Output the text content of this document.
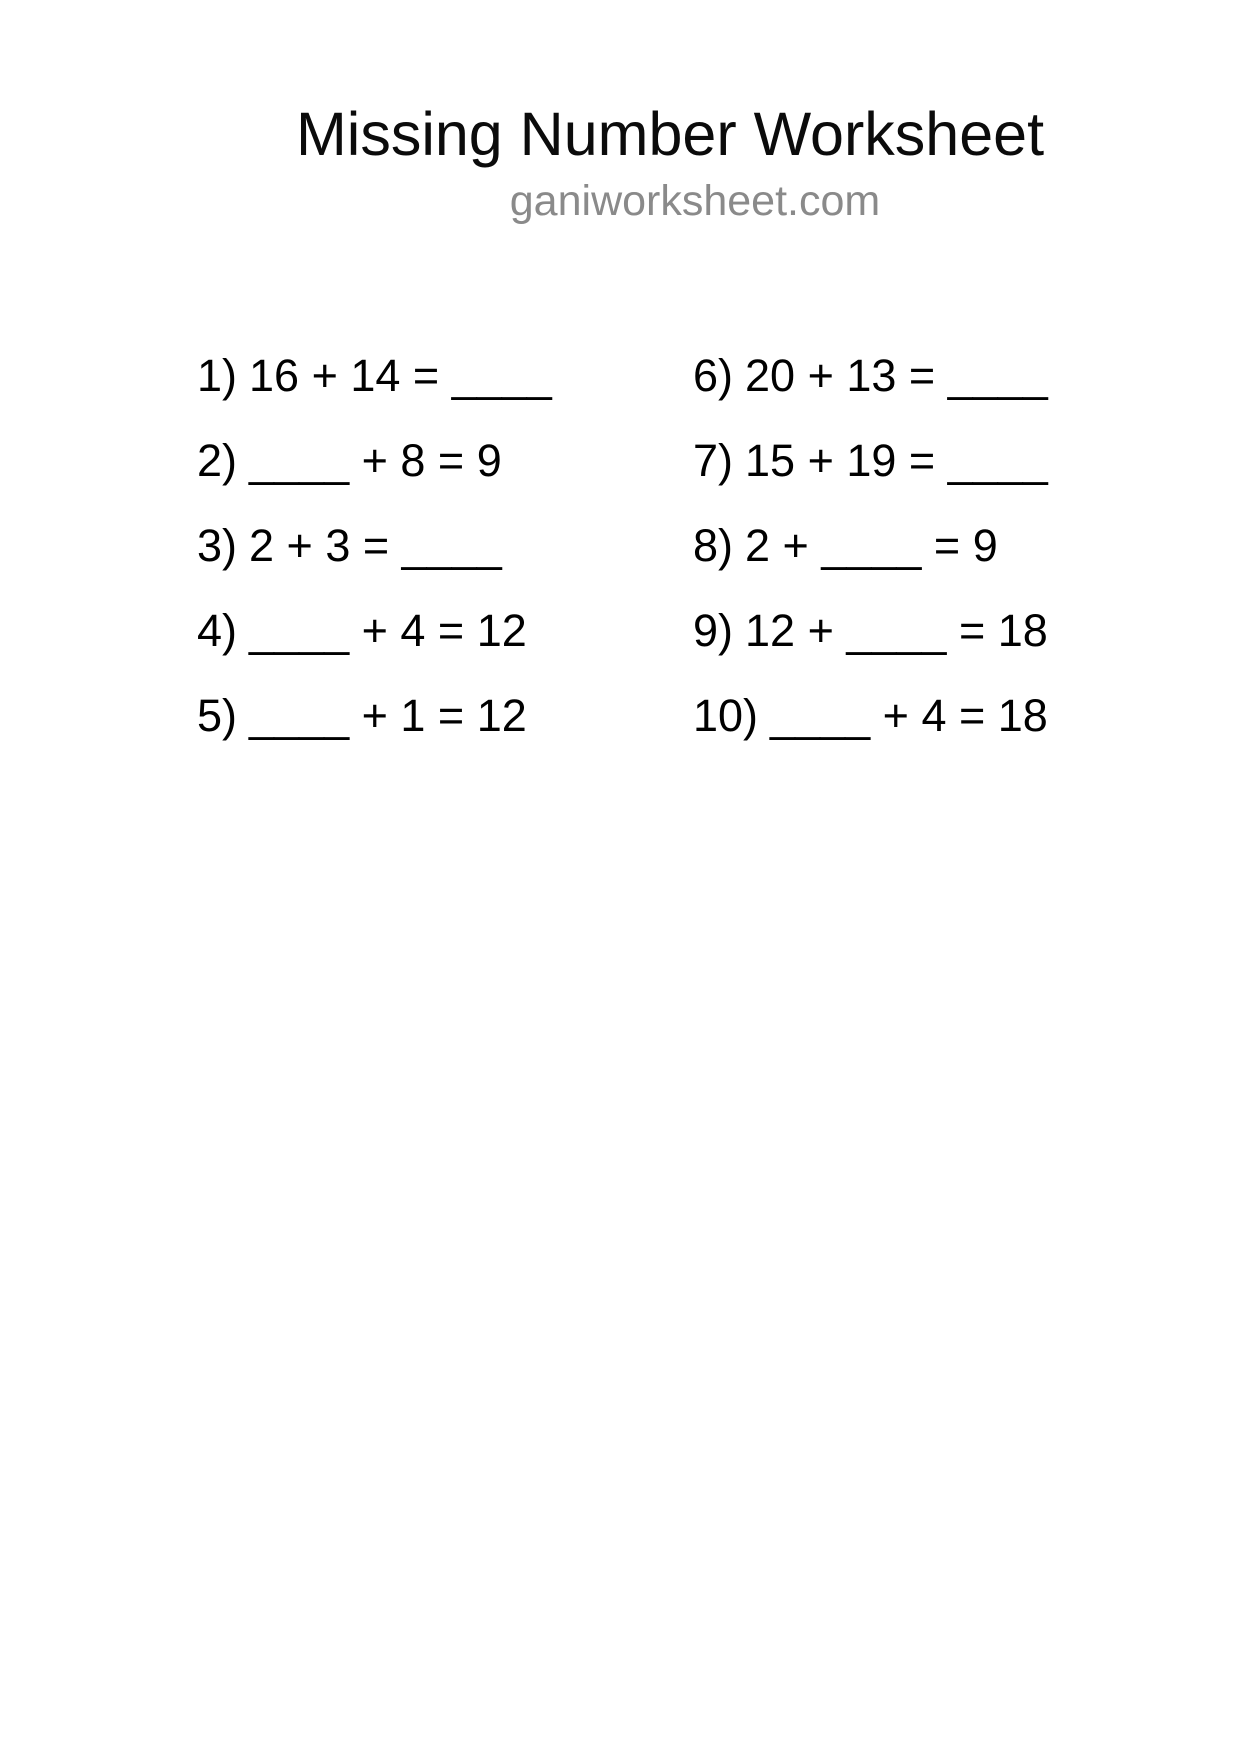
Missing Number Worksheet
ganiworksheet.com
1) 16 + 14 = ____
2) ____ + 8 = 9
3) 2 + 3 = ____
4) ____ + 4 = 12
5) ____ + 1 = 12
6) 20 + 13 = ____
7) 15 + 19 = ____
8) 2 + ____ = 9
9) 12 + ____ = 18
10) ____ + 4 = 18
